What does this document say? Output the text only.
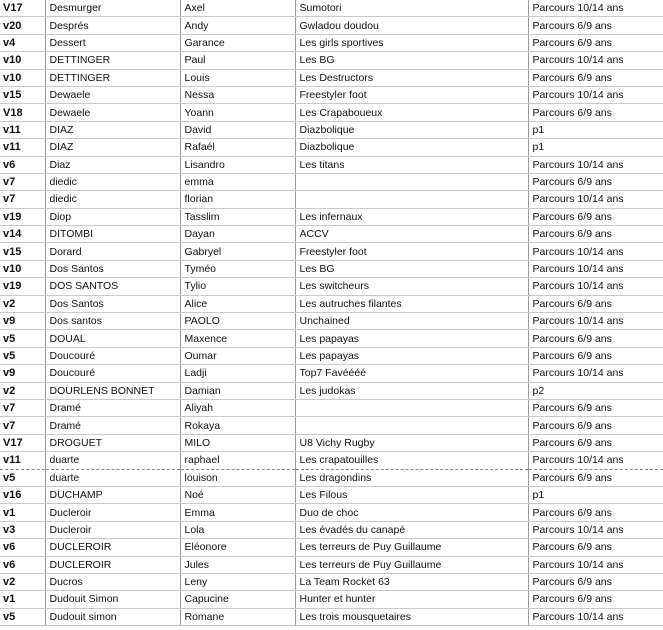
V17	Desmurger	Axel	Sumotori	Parcours 10/14 ans
v20	Després	Andy	Gwladou doudou	Parcours 6/9 ans
v4	Dessert	Garance	Les girls sportives	Parcours 6/9 ans
v10	DETTINGER	Paul	Les BG	Parcours 10/14 ans
v10	DETTINGER	Louis	Les Destructors	Parcours 6/9 ans
v15	Dewaele	Nessa	Freestyler foot	Parcours 10/14 ans
V18	Dewaele	Yoann	Les Crapaboueux	Parcours 6/9 ans
v11	DIAZ	David	Diazbolique	p1
v11	DIAZ	Rafaél	Diazbolique	p1
v6	Diaz	Lisandro	Les titans	Parcours 10/14 ans
v7	diedic	emma		Parcours 6/9 ans
v7	diedic	florian		Parcours 10/14 ans
v19	Diop	Tasslim	Les infernaux	Parcours 6/9 ans
v14	DITOMBI	Dayan	ACCV	Parcours 6/9 ans
v15	Dorard	Gabryel	Freestyler foot	Parcours 10/14 ans
v10	Dos Santos	Tyméo	Les BG	Parcours 10/14 ans
v19	DOS SANTOS	Tylio	Les switcheurs	Parcours 10/14 ans
v2	Dos Santos	Alice	Les autruches filantes	Parcours 6/9 ans
v9	Dos santos	PAOLO	Unchained	Parcours 10/14 ans
v5	DOUAL	Maxence	Les papayas	Parcours 6/9 ans
v5	Doucouré	Oumar	Les papayas	Parcours 6/9 ans
v9	Doucouré	Ladji	Top7 Favéééé	Parcours 10/14 ans
v2	DOURLENS BONNET	Damian	Les judokas	p2
v7	Dramé	Aliyah		Parcours 6/9 ans
v7	Dramé	Rokaya		Parcours 6/9 ans
V17	DROGUET	MILO	U8 Vichy Rugby	Parcours 6/9 ans
v11	duarte	raphael	Les crapatouilles	Parcours 10/14 ans
v5	duarte	louison	Les dragondins	Parcours 6/9 ans
v16	DUCHAMP	Noé	Les Filous	p1
v1	Ducleroir	Emma	Duo de choc	Parcours 6/9 ans
v3	Ducleroir	Lola	Les évadés du canapé	Parcours 10/14 ans
v6	DUCLEROIR	Eléonore	Les terreurs de Puy Guillaume	Parcours 6/9 ans
v6	DUCLEROIR	Jules	Les terreurs de Puy Guillaume	Parcours 10/14 ans
v2	Ducros	Leny	La Team Rocket 63	Parcours 6/9 ans
v1	Dudouit Simon	Capucine	Hunter et hunter	Parcours 6/9 ans
v5	Dudouit simon	Romane	Les trois mousquetaires	Parcours 10/14 ans
